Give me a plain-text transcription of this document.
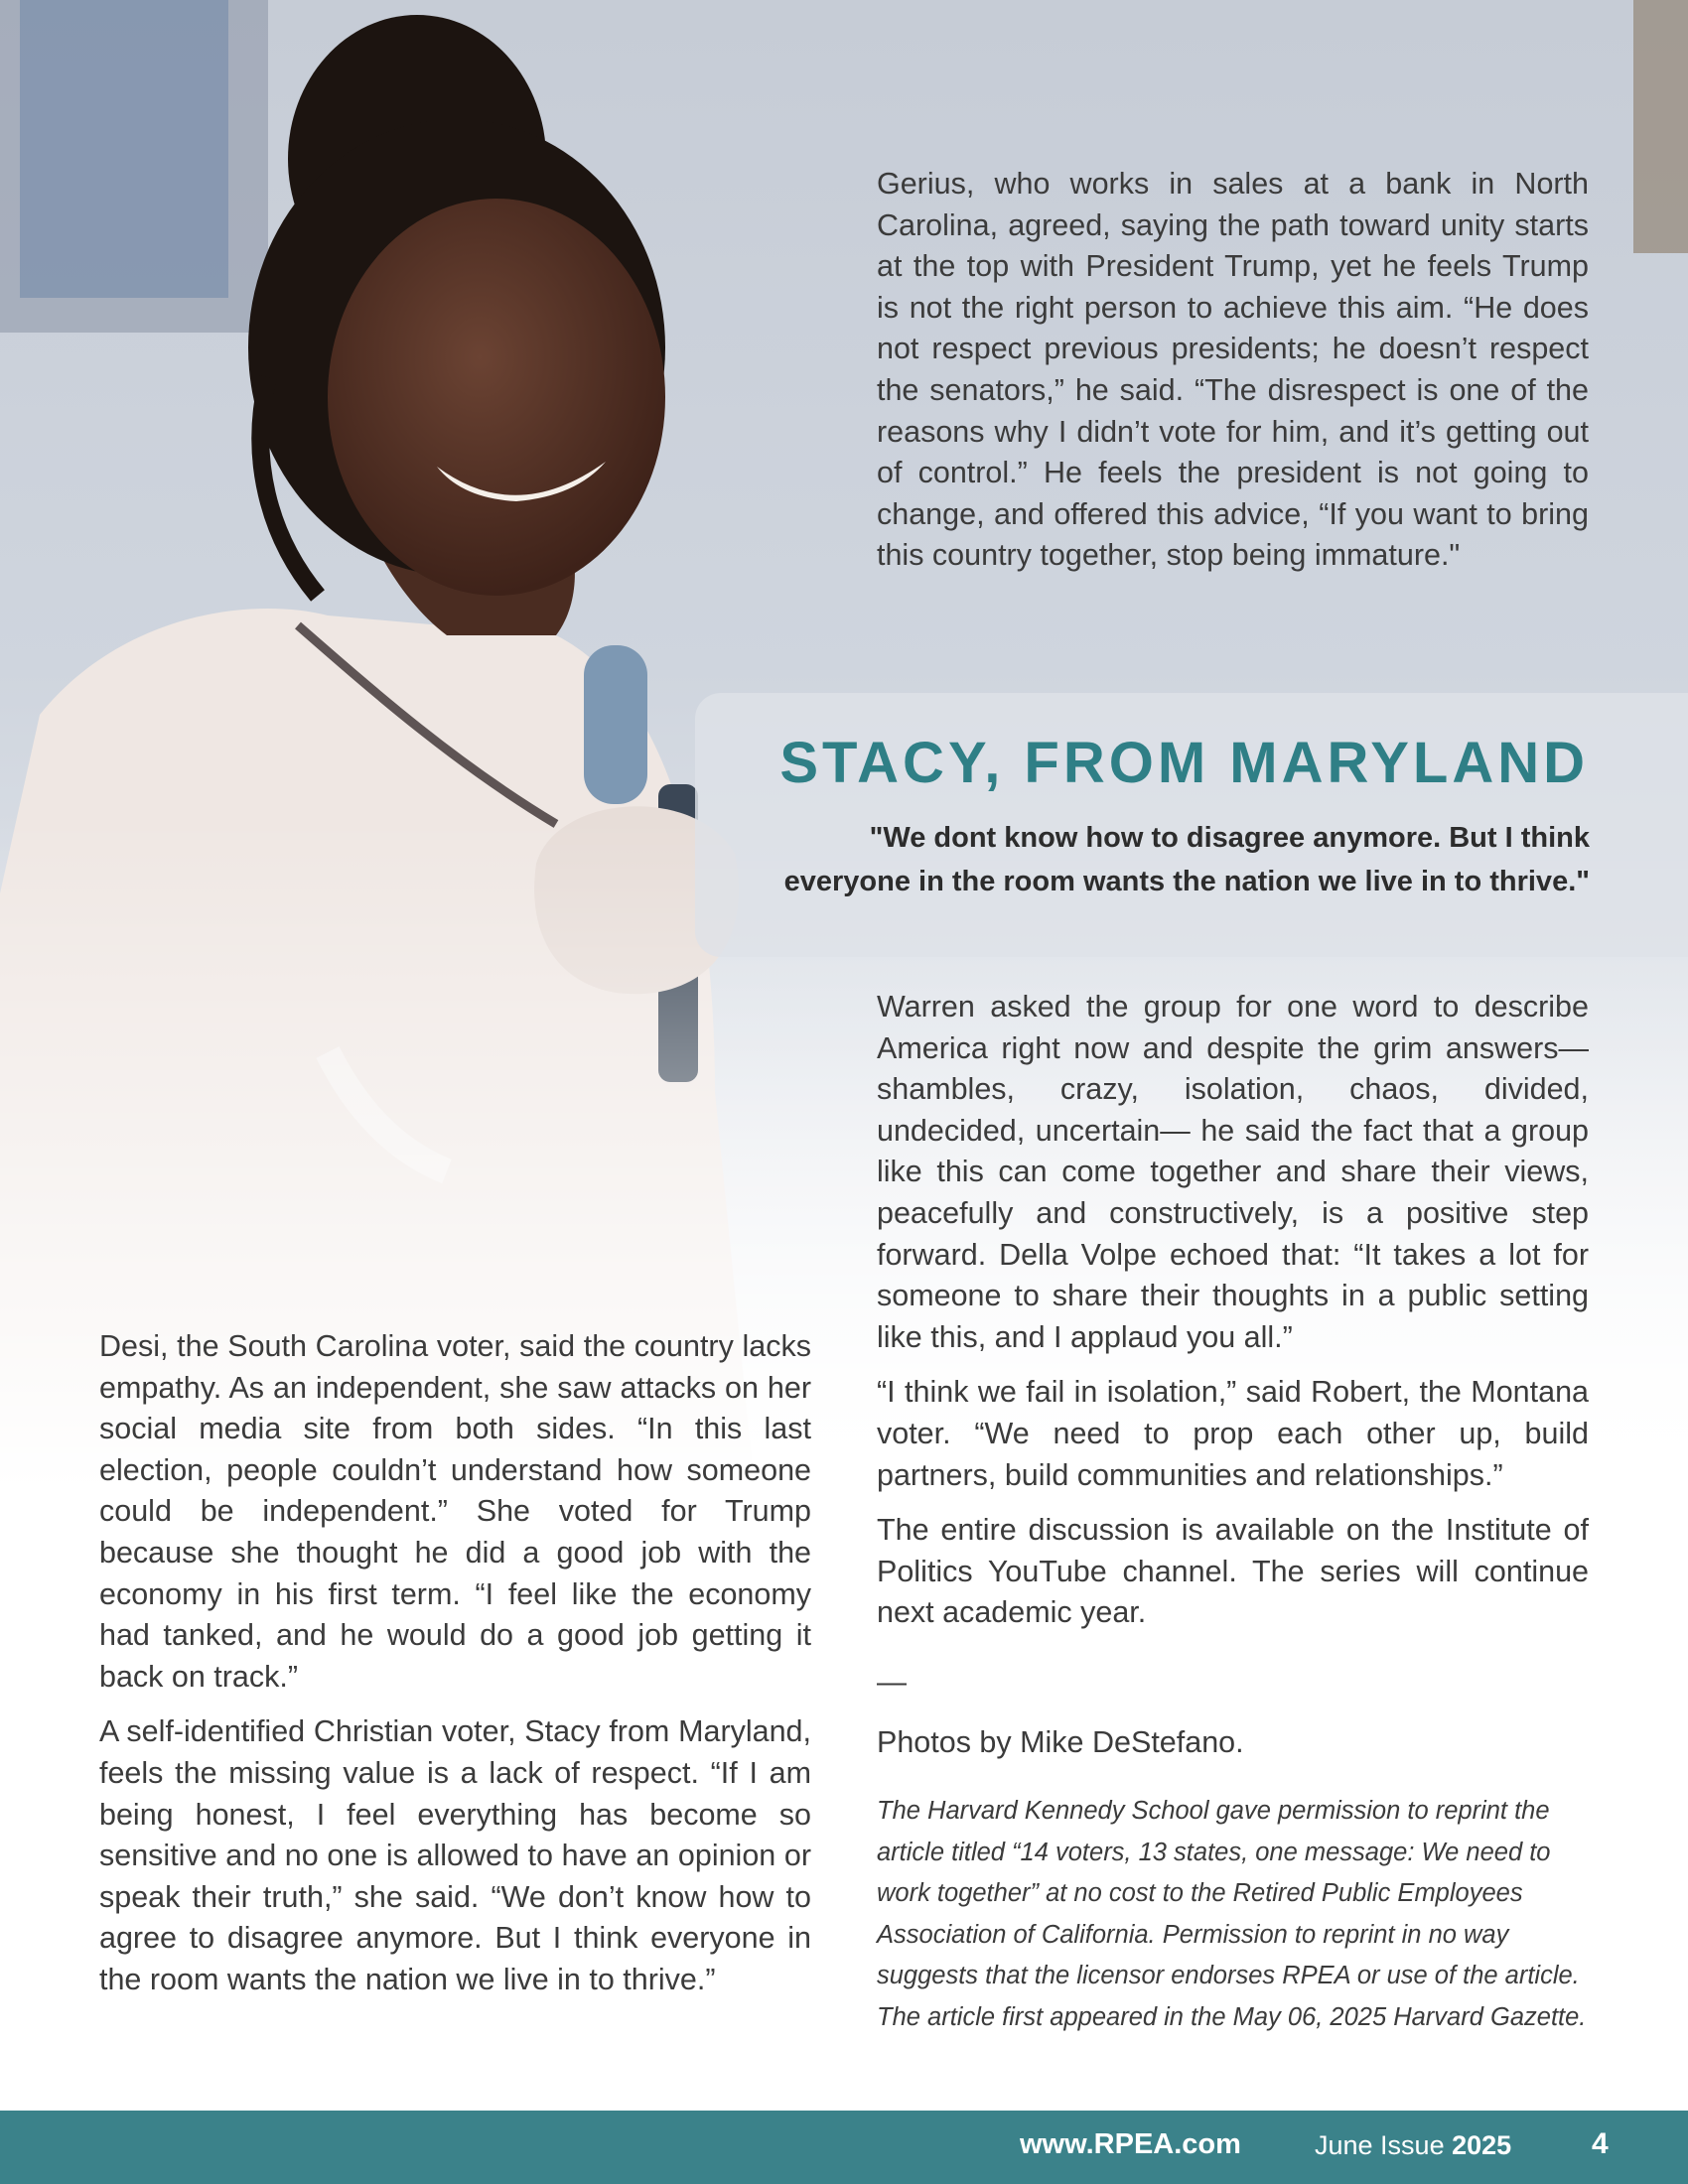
Gerius, who works in sales at a bank in North Carolina, agreed, saying the path toward unity starts at the top with President Trump, yet he feels Trump is not the right person to achieve this aim. “He does not respect previous presidents; he doesn’t respect the senators,” he said. “The disrespect is one of the reasons why I didn’t vote for him, and it’s getting out of control.” He feels the president is not going to change, and offered this advice, “If you want to bring this country together, stop being immature."

STACY, FROM MARYLAND
"We dont know how to disagree anymore. But I think everyone in the room wants the nation we live in to thrive."

Warren asked the group for one word to describe America right now and despite the grim answers—shambles, crazy, isolation, chaos, divided, undecided, uncertain— he said the fact that a group like this can come together and share their views, peacefully and constructively, is a positive step forward. Della Volpe echoed that: “It takes a lot for someone to share their thoughts in a public setting like this, and I applaud you all.”

“I think we fail in isolation,” said Robert, the Montana voter. “We need to prop each other up, build partners, build communities and relationships.”

The entire discussion is available on the Institute of Politics YouTube channel. The series will continue next academic year.

—
Photos by Mike DeStefano.
The Harvard Kennedy School gave permission to reprint the article titled “14 voters, 13 states, one message: We need to work together” at no cost to the Retired Public Employees Association of California. Permission to reprint in no way suggests that the licensor endorses RPEA or use of the article. The article first appeared in the May 06, 2025 Harvard Gazette.

Desi, the South Carolina voter, said the country lacks empathy. As an independent, she saw attacks on her social media site from both sides. “In this last election, people couldn’t understand how someone could be independent.” She voted for Trump because she thought he did a good job with the economy in his first term. “I feel like the economy had tanked, and he would do a good job getting it back on track.”

A self-identified Christian voter, Stacy from Maryland, feels the missing value is a lack of respect. “If I am being honest, I feel everything has become so sensitive and no one is allowed to have an opinion or speak their truth,” she said. “We don’t know how to agree to disagree anymore. But I think everyone in the room wants the nation we live in to thrive.”

www.RPEA.com	June Issue 2025	4
